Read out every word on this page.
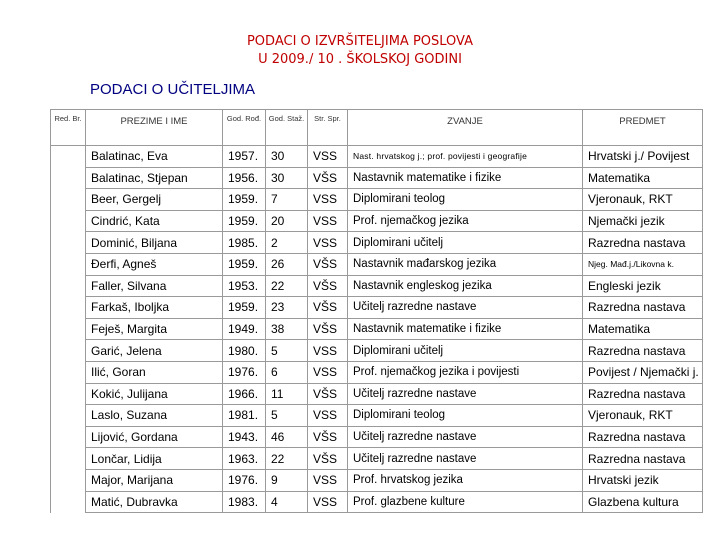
PODACI O IZVRŠITELJIMA POSLOVA
U 2009./ 10 . ŠKOLSKOJ GODINI
PODACI O UČITELJIMA
Red. Br.	PREZIME I IME	God. Rođ.	God. Staž.	Str. Spr.	ZVANJE	PREDMET
	Balatinac, Eva	1957.	30	VSS	Nast. hrvatskog j.; prof. povijesti i geografije	Hrvatski j./ Povijest
	Balatinac, Stjepan	1956.	30	VŠS	Nastavnik matematike i fizike	Matematika
	Beer, Gergelj	1959.	7	VSS	Diplomirani teolog	Vjeronauk, RKT
	Cindrić, Kata	1959.	20	VSS	Prof. njemačkog jezika	Njemački jezik
	Dominić, Biljana	1985.	2	VSS	Diplomirani učitelj	Razredna nastava
	Đerfi, Agneš	1959.	26	VŠS	Nastavnik mađarskog jezika	Njeg. Mađ.j./Likovna k.
	Faller, Silvana	1953.	22	VŠS	Nastavnik engleskog jezika	Engleski jezik
	Farkaš, Iboljka	1959.	23	VŠS	Učitelj razredne nastave	Razredna nastava
	Feješ, Margita	1949.	38	VŠS	Nastavnik matematike i fizike	Matematika
	Garić, Jelena	1980.	5	VSS	Diplomirani učitelj	Razredna nastava
	Ilić, Goran	1976.	6	VSS	Prof. njemačkog jezika i povijesti	Povijest / Njemački j.
	Kokić, Julijana	1966.	11	VŠS	Učitelj razredne nastave	Razredna nastava
	Laslo, Suzana	1981.	5	VSS	Diplomirani teolog	Vjeronauk, RKT
	Lijović, Gordana	1943.	46	VŠS	Učitelj razredne nastave	Razredna nastava
	Lončar, Lidija	1963.	22	VŠS	Učitelj razredne nastave	Razredna nastava
	Major, Marijana	1976.	9	VSS	Prof. hrvatskog jezika	Hrvatski jezik
	Matić, Dubravka	1983.	4	VSS	Prof. glazbene kulture	Glazbena kultura
